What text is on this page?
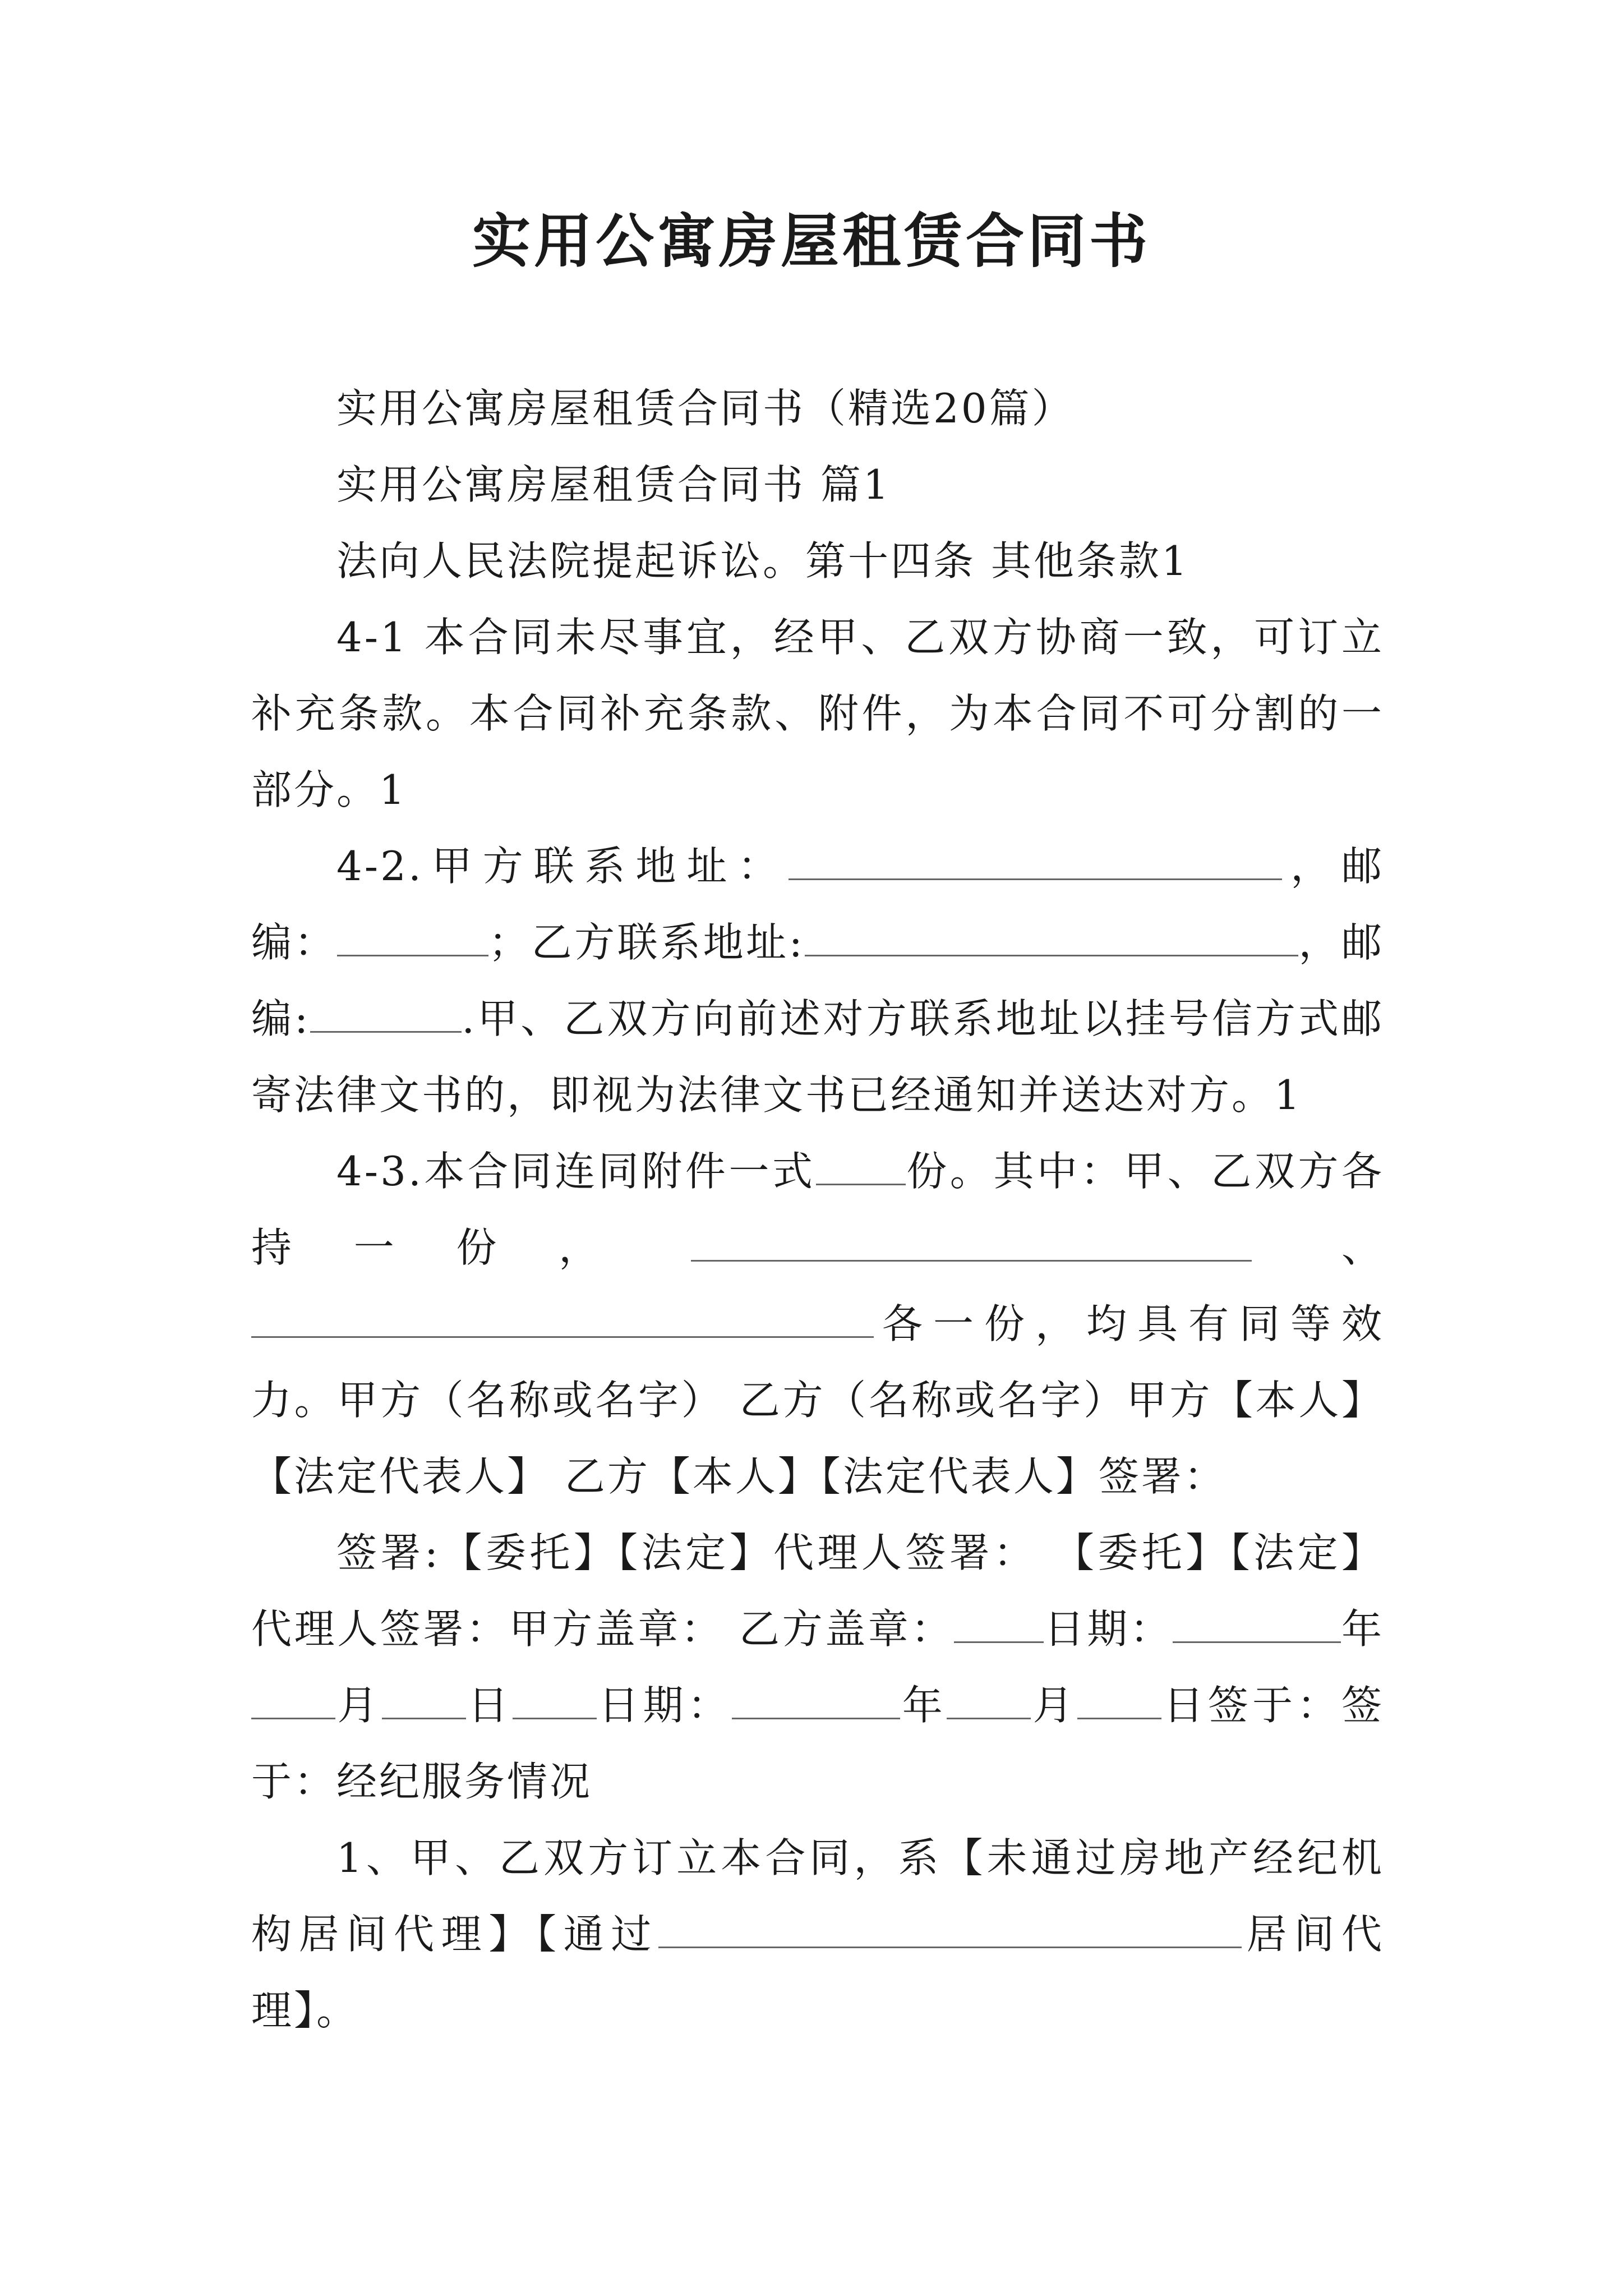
实用公寓房屋租赁合同书

实用公寓房屋租赁合同书（精选20篇）

实用公寓房屋租赁合同书 篇1

法向人民法院提起诉讼。第十四条 其他条款1

4-1 本合同未尽事宜，经甲、乙双方协商一致，可订立补充条款。本合同补充条款、附件，为本合同不可分割的一部分。1

4-2.甲方联系地址：	，邮编：	；乙方联系地址:	，邮编:	.甲、乙双方向前述对方联系地址以挂号信方式邮寄法律文书的，即视为法律文书已经通知并送达对方。1

4-3.本合同连同附件一式 份。其中：甲、乙双方各持 一 份 ，	、各一份，均具有同等效力。甲方（名称或名字） 乙方（名称或名字）甲方【本人】【法定代表人】 乙方【本人】【法定代表人】签署：

签署:【委托】【法定】代理人签署： 【委托】【法定】代理人签署：甲方盖章： 乙方盖章： 日期：	年月 日 日期：	年 月 日签于：签于：经纪服务情况

1、甲、乙双方订立本合同，系【未通过房地产经纪机构居间代理】【通过	居间代理】。
